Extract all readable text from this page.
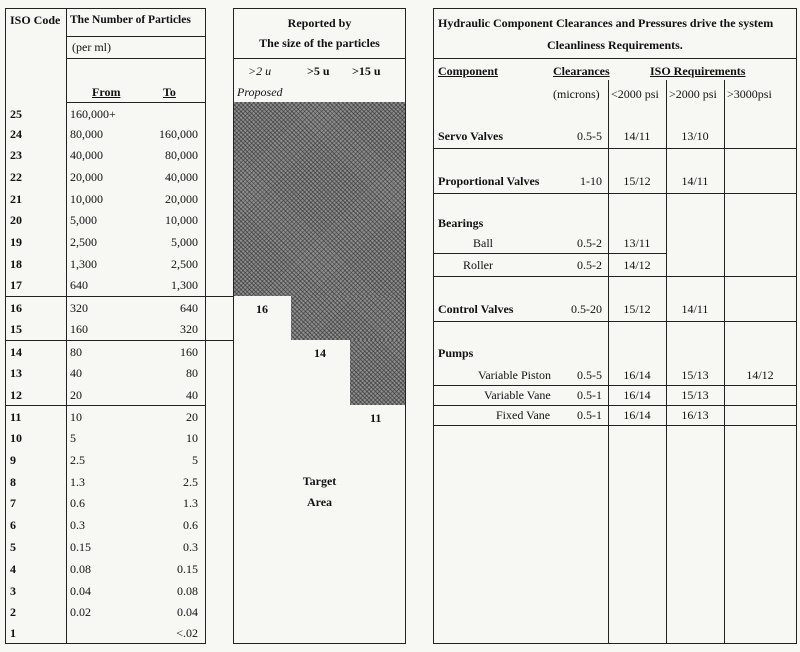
ISO Code The Number of Particles
(per ml)
From	To
25	160,000+
24	80,000	160,000
23	40,000	80,000
22	20,000	40,000
21	10,000	20,000
20	5,000	10,000
19	2,500	5,000
18	1,300	2,500
17	640	1,300
16	320	640
15	160	320
14	80	160
13	40	80
12	20	40
11	10	20
10	5	10
9	2.5	5
8	1.3	2.5
7	0.6	1.3
6	0.3	0.6
5	0.15	0.3
4	0.08	0.15
3	0.04	0.08
2	0.02	0.04
1	<.02
Reported by
The size of the particles
>2 u	>5 u >15 u
Proposed
16
14
11
Target
Area
Hydraulic Component Clearances and Pressures drive the system
Cleanliness Requirements.
Component	Clearances	ISO Requirements
(microns) <2000 psi >2000 psi >3000psi
Servo Valves	0.5-5	14/11	13/10
Proportional Valves	1-10	15/12	14/11
Bearings
Ball	0.5-2	13/11
Roller	0.5-2	14/12
Control Valves	0.5-20	15/12	14/11
Pumps
Variable Piston	0.5-5	16/14	15/13	14/12
Variable Vane	0.5-1	16/14	15/13
Fixed Vane	0.5-1	16/14	16/13
